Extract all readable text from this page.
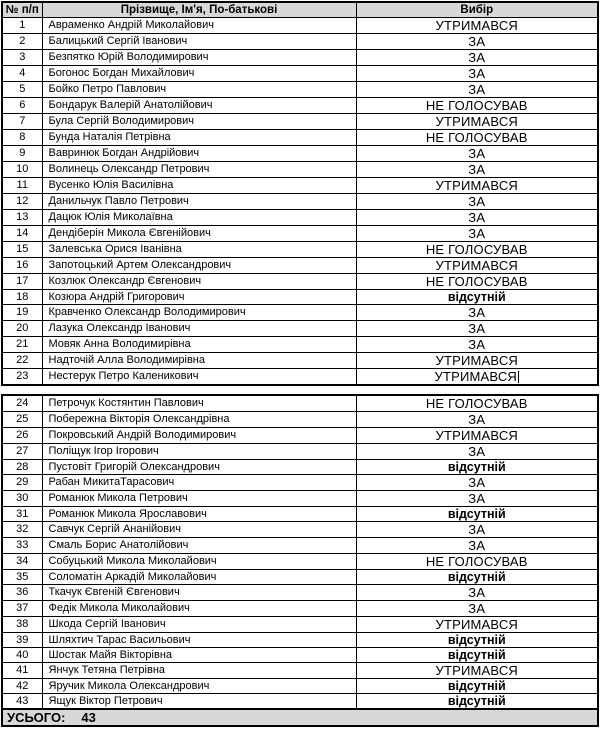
№ п/п	Прізвище, Ім'я, По-батькові	Вибір
1	Авраменко Андрій Миколайович	УТРИМАВСЯ
2	Балицький Сергій Іванович	ЗА
3	Безпятко Юрій Володимирович	ЗА
4	Богонос Богдан Михайлович	ЗА
5	Бойко Петро Павлович	ЗА
6	Бондарук Валерій Анатолійович	НЕ ГОЛОСУВАВ
7	Була Сергій Володимирович	УТРИМАВСЯ
8	Бунда Наталія Петрівна	НЕ ГОЛОСУВАВ
9	Вавринюк Богдан Андрійович	ЗА
10	Волинець Олександр Петрович	ЗА
11	Вусенко Юлія Василівна	УТРИМАВСЯ
12	Данильчук Павло Петрович	ЗА
13	Дацюк Юлія Миколаївна	ЗА
14	Дендіберін Микола Євгенійович	ЗА
15	Залевська Орися Іванівна	НЕ ГОЛОСУВАВ
16	Запотоцький Артем Олександрович	УТРИМАВСЯ
17	Козлюк Олександр Євгенович	НЕ ГОЛОСУВАВ
18	Козюра Андрій Григорович	відсутній
19	Кравченко Олександр Володимирович	ЗА
20	Лазука Олександр Іванович	ЗА
21	Мовяк Анна Володимирівна	ЗА
22	Надточій Алла Володимирівна	УТРИМАВСЯ
23	Нестерук Петро Каленикович	УТРИМАВСЯ
24	Петрочук Костянтин Павлович	НЕ ГОЛОСУВАВ
25	Побережна Вікторія Олександрівна	ЗА
26	Покровський Андрій Володимирович	УТРИМАВСЯ
27	Поліщук Ігор Ігорович	ЗА
28	Пустовіт Григорій Олександрович	відсутній
29	Рабан МикитаТарасович	ЗА
30	Романюк Микола Петрович	ЗА
31	Романюк Микола Ярославович	відсутній
32	Савчук Сергій Ананійович	ЗА
33	Смаль Борис Анатолійович	ЗА
34	Собуцький Микола Миколайович	НЕ ГОЛОСУВАВ
35	Соломатін Аркадій Миколайович	відсутній
36	Ткачук Євгеній Євгенович	ЗА
37	Федік Микола Миколайович	ЗА
38	Шкода Сергій Іванович	УТРИМАВСЯ
39	Шляхтич Тарас Васильович	відсутній
40	Шостак Майя Вікторівна	відсутній
41	Янчук Тетяна Петрівна	УТРИМАВСЯ
42	Яручик Микола Олександрович	відсутній
43	Ящук Віктор Петрович	відсутній
УСЬОГО: 43		
